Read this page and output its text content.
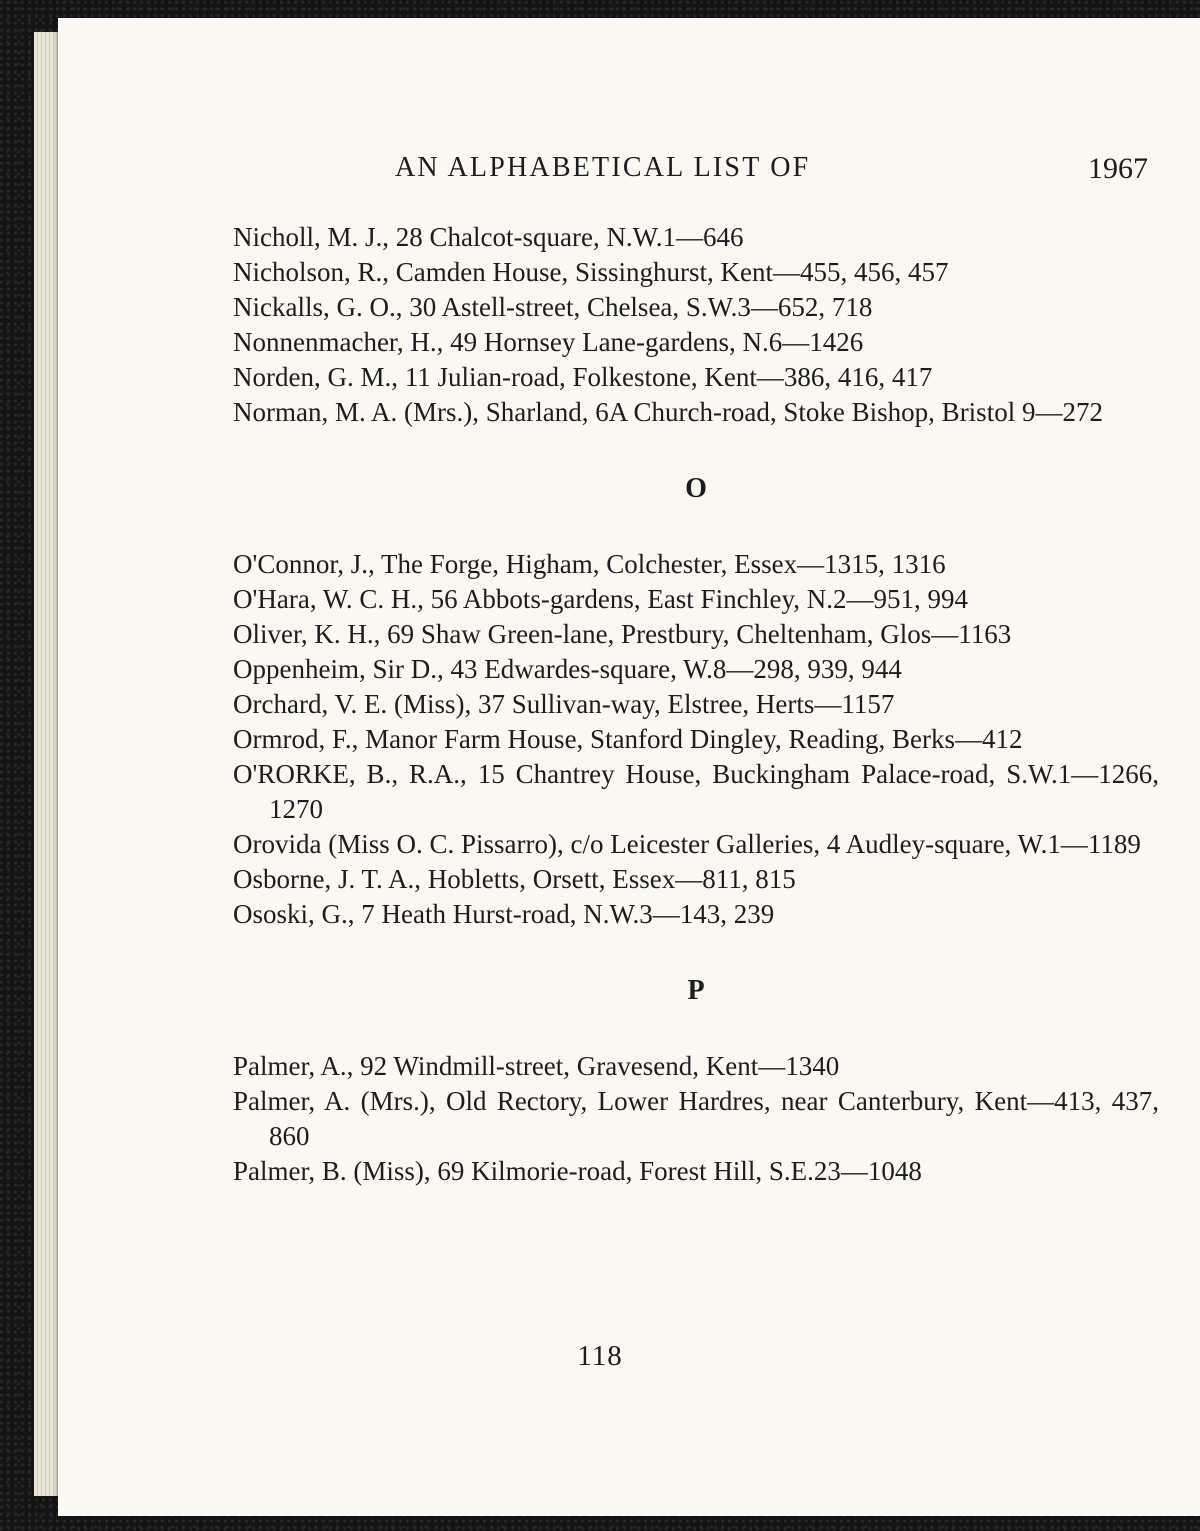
AN ALPHABETICAL LIST OF	1967
Nicholl, M. J., 28 Chalcot-square, N.W.1—646
Nicholson, R., Camden House, Sissinghurst, Kent—455, 456, 457
Nickalls, G. O., 30 Astell-street, Chelsea, S.W.3—652, 718
Nonnenmacher, H., 49 Hornsey Lane-gardens, N.6—1426
Norden, G. M., 11 Julian-road, Folkestone, Kent—386, 416, 417
Norman, M. A. (Mrs.), Sharland, 6A Church-road, Stoke Bishop, Bristol 9—272
O
O'Connor, J., The Forge, Higham, Colchester, Essex—1315, 1316
O'Hara, W. C. H., 56 Abbots-gardens, East Finchley, N.2—951, 994
Oliver, K. H., 69 Shaw Green-lane, Prestbury, Cheltenham, Glos—1163
Oppenheim, Sir D., 43 Edwardes-square, W.8—298, 939, 944
Orchard, V. E. (Miss), 37 Sullivan-way, Elstree, Herts—1157
Ormrod, F., Manor Farm House, Stanford Dingley, Reading, Berks—412
O'RORKE, B., R.A., 15 Chantrey House, Buckingham Palace-road, S.W.1—1266, 1270
Orovida (Miss O. C. Pissarro), c/o Leicester Galleries, 4 Audley-square, W.1—1189
Osborne, J. T. A., Hobletts, Orsett, Essex—811, 815
Ososki, G., 7 Heath Hurst-road, N.W.3—143, 239
P
Palmer, A., 92 Windmill-street, Gravesend, Kent—1340
Palmer, A. (Mrs.), Old Rectory, Lower Hardres, near Canterbury, Kent—413, 437, 860
Palmer, B. (Miss), 69 Kilmorie-road, Forest Hill, S.E.23—1048
118
